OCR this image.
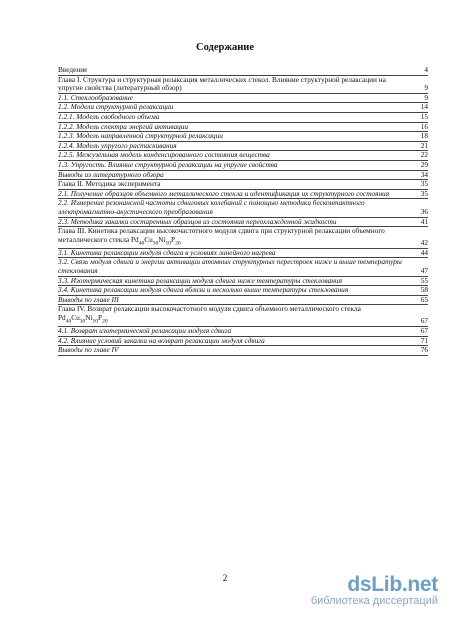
Содержание
Введение	4
Глава I. Структура и структурная релаксация металлических стекол. Влияние структурной релаксации на упругие свойства (литературный обзор)	9
1.1. Стеклообразование	9
1.2. Модели структурной релаксации	14
1.2.1. Модель свободного объема	15
1.2.2. Модель спектра энергий активации	16
1.2.3. Модель направленной структурной релаксации	18
1.2.4. Модель упругого растаскивания	21
1.2.5. Межузельная модель конденсированного состояния вещества	22
1.3. Упругость. Влияние структурной релаксации на упругие свойства	29
Выводы из литературного обзора	34
Глава II. Методика эксперимента	35
2.1. Получение образцов объемного металлического стекла и идентификация их структурного состояния	35
2.2. Измерение резонансной частоты сдвиговых колебаний с помощью методики бесконтактного электромагнитно-акустического преобразования	36
2.3. Методика закалки состаренных образцов из состояния переохлажденной жидкости	41
Глава III. Кинетика релаксации высокочастотного модуля сдвига при структурной релаксации объемного металлического стекла $Pd_{40}Cu_{30}Ni_{10}P_{20}$	42
3.1. Кинетика релаксации модуля сдвига в условиях линейного нагрева	44
3.2. Связь модуля сдвига и энергии активации атомных структурных перестроек ниже и выше температуры стеклования	47
3.3. Изотермическая кинетика релаксации модуля сдвига ниже температуры стеклования	55
3.4. Кинетика релаксации модуля сдвига вблизи и несколько выше температуры стеклования	58
Выводы по главе III	65
Глава IV. Возврат релаксации высокочастотного модуля сдвига объемного металлического стекла $Pd_{40}Cu_{30}Ni_{10}P_{20}$	67
4.1. Возврат изотермической релаксации модуля сдвига	67
4.2. Влияние условий закалки на возврат релаксации модуля сдвига	71
Выводы по главе IV	76
2	dsLib.net
библиотека диссертаций
